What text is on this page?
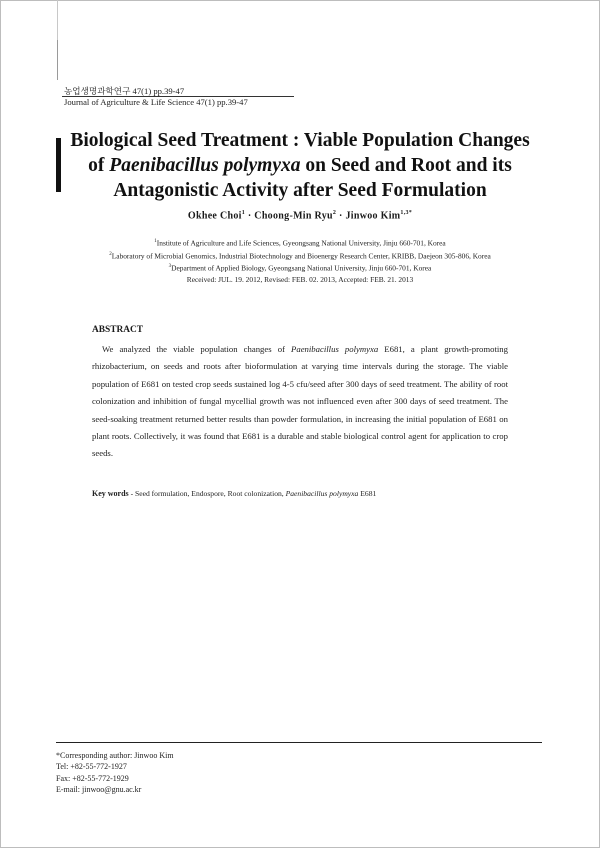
농업생명과학연구 47(1) pp.39-47
Journal of Agriculture & Life Science 47(1) pp.39-47
Biological Seed Treatment : Viable Population Changes
of Paenibacillus polymyxa on Seed and Root and its
Antagonistic Activity after Seed Formulation
Okhee Choi$^1$ · Choong-Min Ryu$^2$ · Jinwoo Kim$^{1,3*}$
$^1$Institute of Agriculture and Life Sciences, Gyeongsang National University, Jinju 660-701, Korea
$^2$Laboratory of Microbial Genomics, Industrial Biotechnology and Bioenergy Research Center, KRIBB, Daejeon 305-806, Korea
$^3$Department of Applied Biology, Gyeongsang National University, Jinju 660-701, Korea
Received: JUL. 19. 2012, Revised: FEB. 02. 2013, Accepted: FEB. 21. 2013
ABSTRACT
We analyzed the viable population changes of Paenibacillus polymyxa E681, a plant growth-promoting rhizobacterium, on seeds and roots after bioformulation at varying time intervals during the storage. The viable population of E681 on tested crop seeds sustained log 4-5 cfu/seed after 300 days of seed treatment. The ability of root colonization and inhibition of fungal mycellial growth was not influenced even after 300 days of seed treatment. The seed-soaking treatment returned better results than powder formulation, in increasing the initial population of E681 on plant roots. Collectively, it was found that E681 is a durable and stable biological control agent for application to crop seeds.
Key words - Seed formulation, Endospore, Root colonization, Paenibacillus polymyxa E681
*Corresponding author: Jinwoo Kim
Tel: +82-55-772-1927
Fax: +82-55-772-1929
E-mail: jinwoo@gnu.ac.kr
